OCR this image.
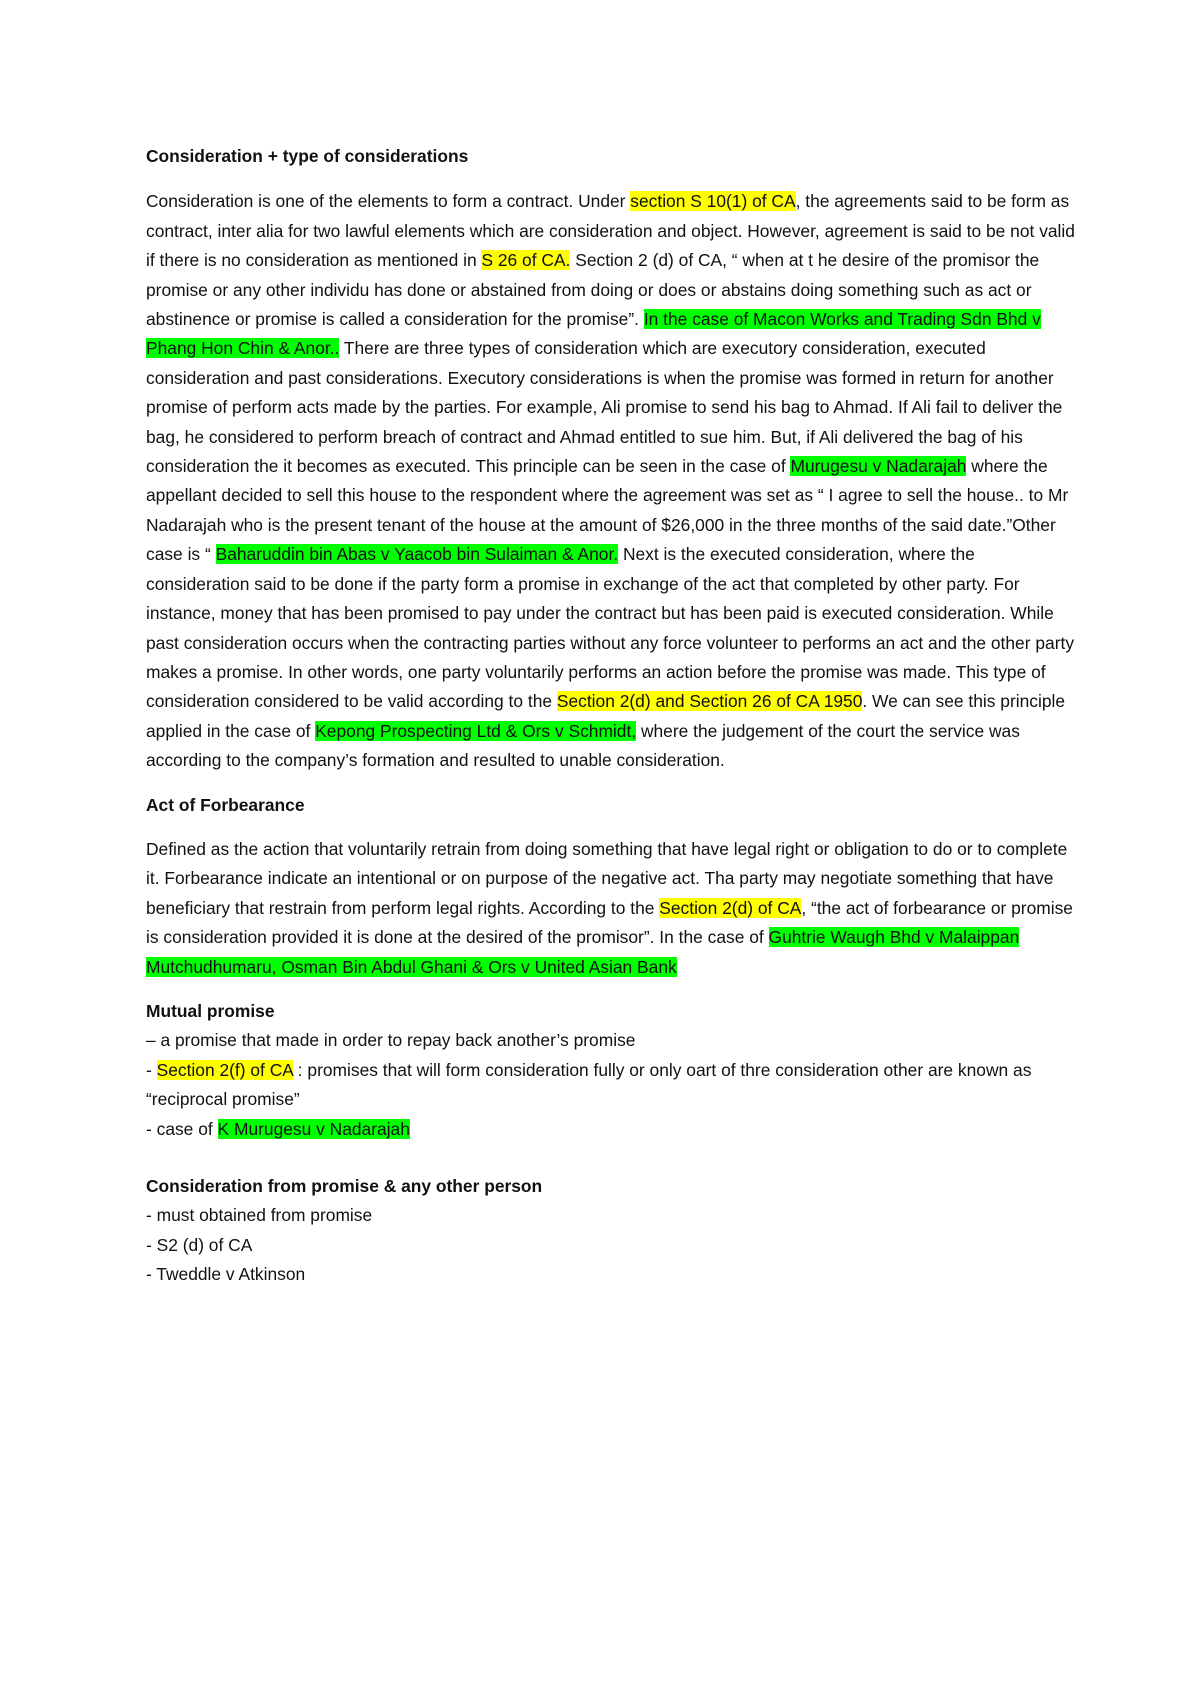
Consideration + type of considerations

Consideration is one of the elements to form a contract. Under section S 10(1) of CA, the agreements said to be form as contract, inter alia for two lawful elements which are consideration and object. However, agreement is said to be not valid if there is no consideration as mentioned in S 26 of CA. Section 2 (d) of CA, “ when at t he desire of the promisor the promise or any other individu has done or abstained from doing or does or abstains doing something such as act or abstinence or promise is called a consideration for the promise”. In the case of Macon Works and Trading Sdn Bhd v Phang Hon Chin & Anor.. There are three types of consideration which are executory consideration, executed consideration and past considerations. Executory considerations is when the promise was formed in return for another promise of perform acts made by the parties. For example, Ali promise to send his bag to Ahmad. If Ali fail to deliver the bag, he considered to perform breach of contract and Ahmad entitled to sue him. But, if Ali delivered the bag of his consideration the it becomes as executed. This principle can be seen in the case of Murugesu v Nadarajah where the appellant decided to sell this house to the respondent where the agreement was set as “ I agree to sell the house.. to Mr Nadarajah who is the present tenant of the house at the amount of $26,000 in the three months of the said date.”Other case is “ Baharuddin bin Abas v Yaacob bin Sulaiman & Anor. Next is the executed consideration, where the consideration said to be done if the party form a promise in exchange of the act that completed by other party. For instance, money that has been promised to pay under the contract but has been paid is executed consideration. While past consideration occurs when the contracting parties without any force volunteer to performs an act and the other party makes a promise. In other words, one party voluntarily performs an action before the promise was made. This type of consideration considered to be valid according to the Section 2(d) and Section 26 of CA 1950. We can see this principle applied in the case of Kepong Prospecting Ltd & Ors v Schmidt, where the judgement of the court the service was according to the company’s formation and resulted to unable consideration.

Act of Forbearance

Defined as the action that voluntarily retrain from doing something that have legal right or obligation to do or to complete it. Forbearance indicate an intentional or on purpose of the negative act. Tha party may negotiate something that have beneficiary that restrain from perform legal rights. According to the Section 2(d) of CA, “the act of forbearance or promise is consideration provided it is done at the desired of the promisor”. In the case of Guhtrie Waugh Bhd v Malaippan Mutchudhumaru, Osman Bin Abdul Ghani & Ors v United Asian Bank

Mutual promise

– a promise that made in order to repay back another’s promise

- Section 2(f) of CA : promises that will form consideration fully or only oart of thre consideration other are known as “reciprocal promise”

- case of K Murugesu v Nadarajah

Consideration from promise & any other person

- must obtained from promise

- S2 (d) of CA

- Tweddle v Atkinson
